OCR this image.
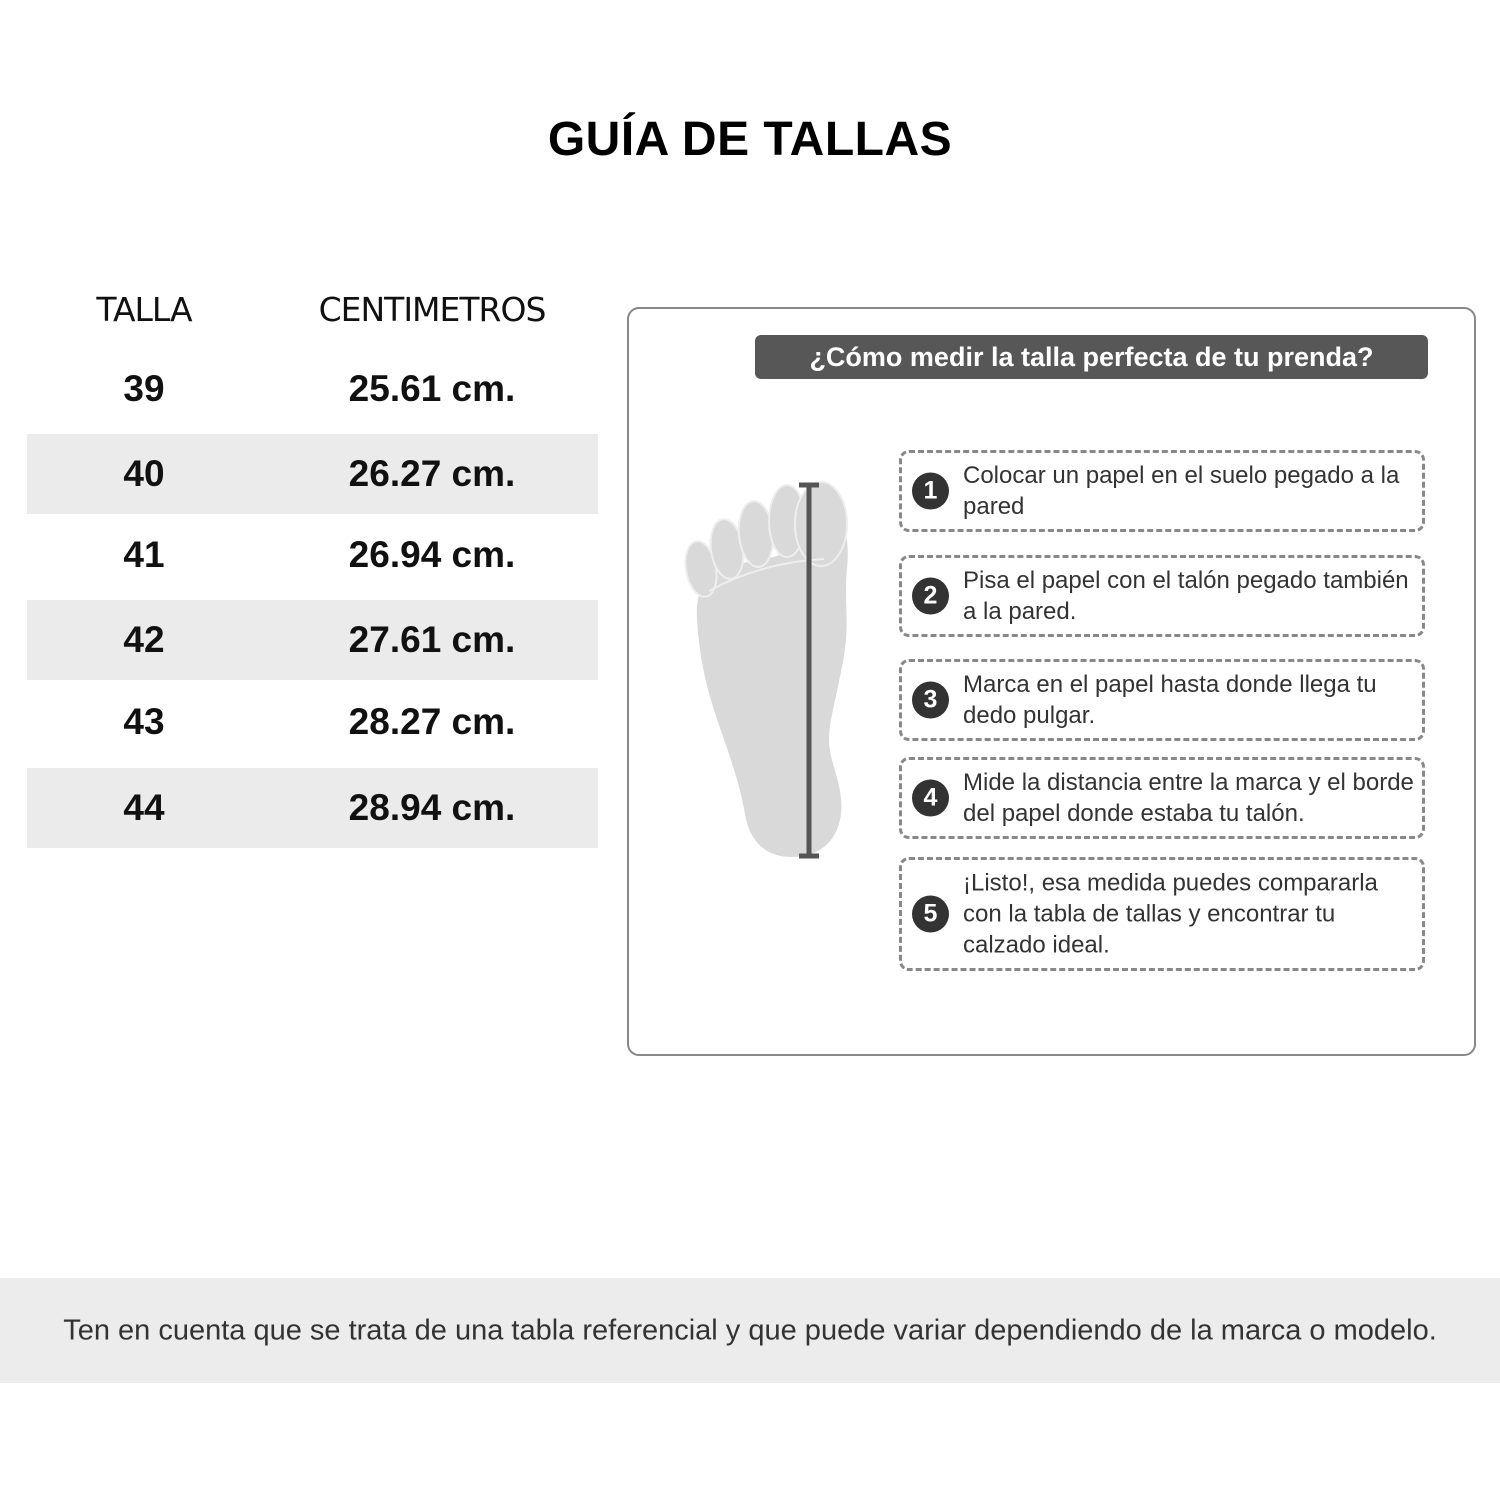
GUÍA DE TALLAS
TALLA	CENTIMETROS
39	25.61 cm.
40	26.27 cm.
41	26.94 cm.
42	27.61 cm.
43	28.27 cm.
44	28.94 cm.
¿Cómo medir la talla perfecta de tu prenda?
1
Colocar un papel en el suelo pegado a la pared
2
Pisa el papel con el talón pegado también a la pared.
3
Marca en el papel hasta donde llega tu dedo pulgar.
4
Mide la distancia entre la marca y el borde del papel donde estaba tu talón.
5
¡Listo!, esa medida puedes compararla con la tabla de tallas y encontrar tu calzado ideal.
Ten en cuenta que se trata de una tabla referencial y que puede variar dependiendo de la marca o modelo.
